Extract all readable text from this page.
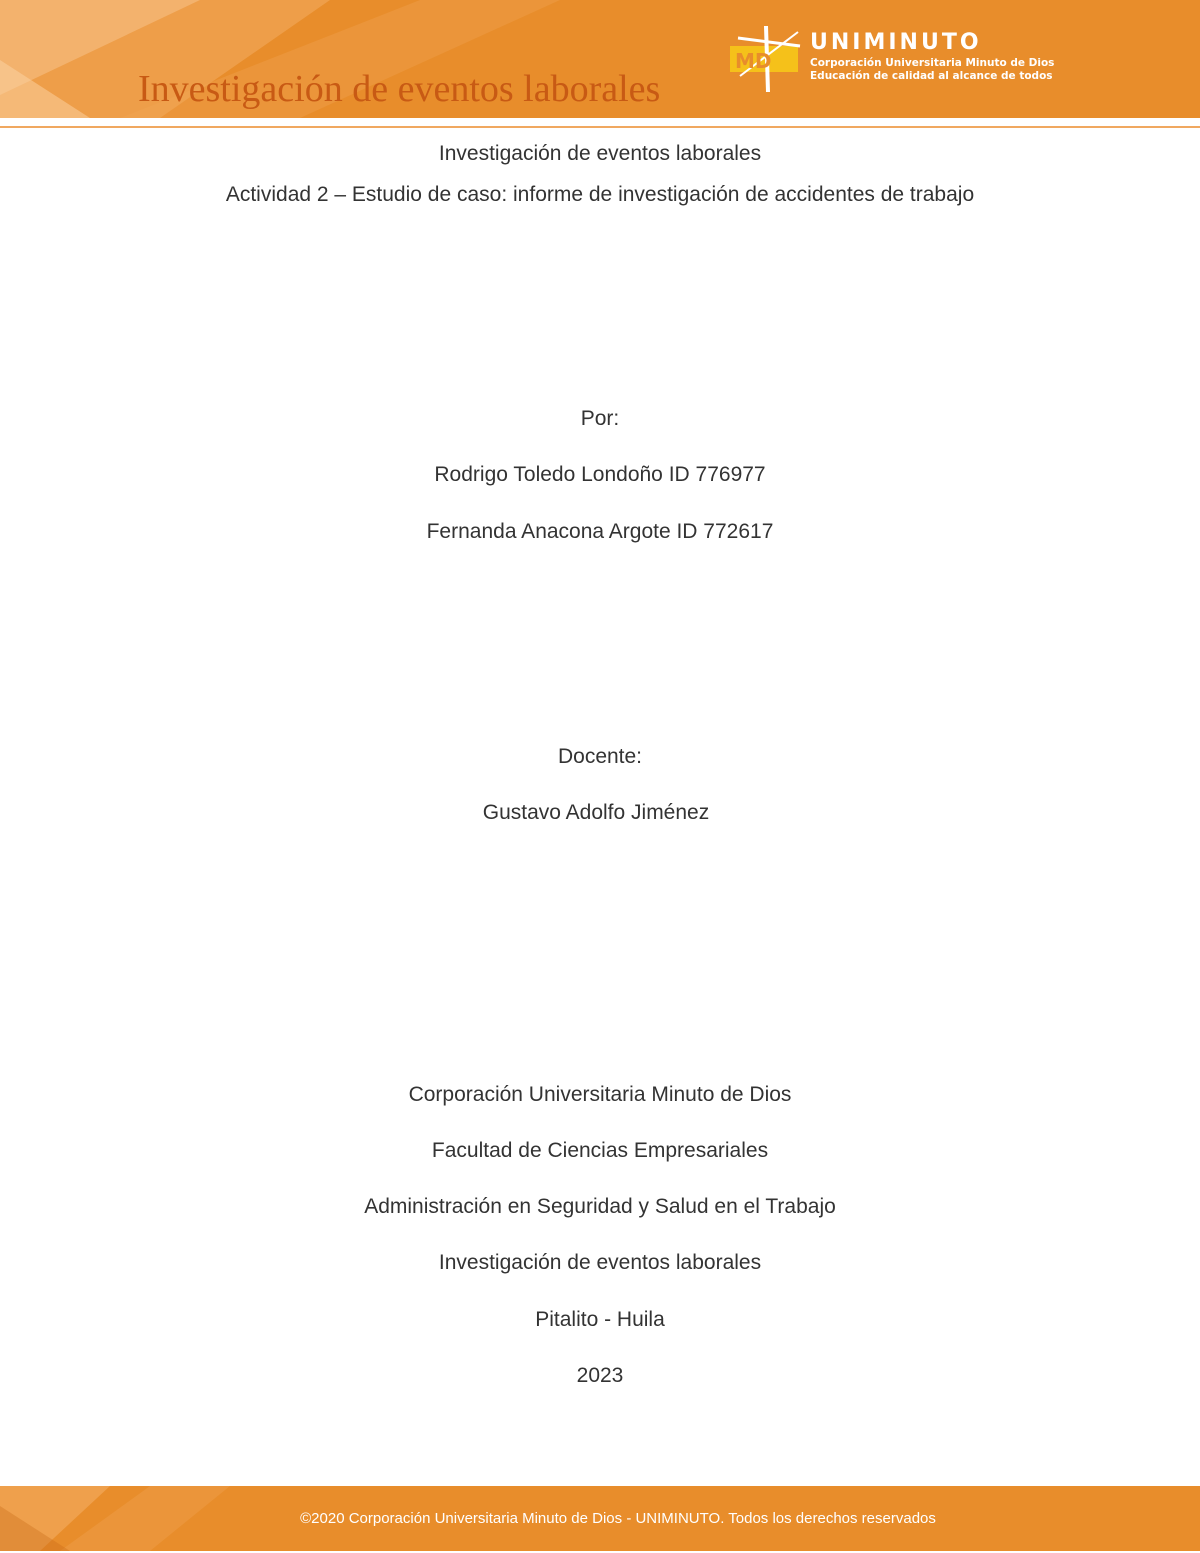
Investigación de eventos laborales
MD
UNIMINUTO
Corporación Universitaria Minuto de Dios
Educación de calidad al alcance de todos
Investigación de eventos laborales
Actividad 2 – Estudio de caso: informe de investigación de accidentes de trabajo
Por:
Rodrigo Toledo Londoño ID 776977
Fernanda Anacona Argote ID 772617
Docente:
Gustavo Adolfo Jiménez
Corporación Universitaria Minuto de Dios
Facultad de Ciencias Empresariales
Administración en Seguridad y Salud en el Trabajo
Investigación de eventos laborales
Pitalito - Huila
2023
©2020 Corporación Universitaria Minuto de Dios - UNIMINUTO. Todos los derechos reservados
